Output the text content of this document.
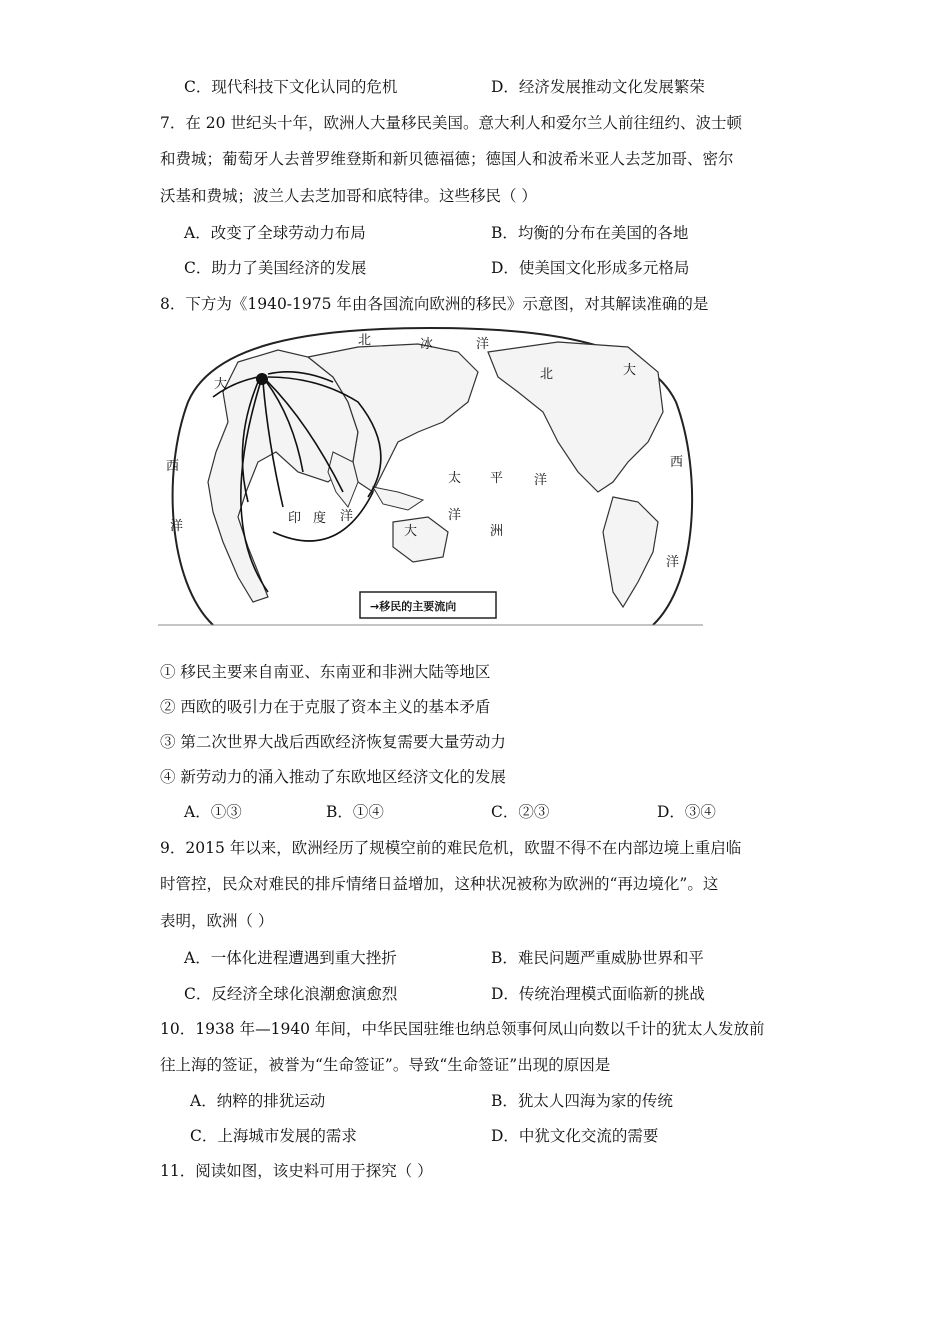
C．现代科技下文化认同的危机	D．经济发展推动文化发展繁荣
7．在 20 世纪头十年，欧洲人大量移民美国。意大利人和爱尔兰人前往纽约、波士顿
和费城；葡萄牙人去普罗维登斯和新贝德福德；德国人和波希米亚人去芝加哥、密尔
沃基和费城；波兰人去芝加哥和底特律。这些移民（ ）
A．改变了全球劳动力布局	B．均衡的分布在美国的各地
C．助力了美国经济的发展	D．使美国文化形成多元格局
8．下方为《1940-1975 年由各国流向欧洲的移民》示意图，对其解读准确的是
北	冰	洋
大
西
洋
印 度 洋
太 平 洋
大
洋
洲
北	大
西
洋
→移民的主要流向
① 移民主要来自南亚、东南亚和非洲大陆等地区
② 西欧的吸引力在于克服了资本主义的基本矛盾
③ 第二次世界大战后西欧经济恢复需要大量劳动力
④ 新劳动力的涌入推动了东欧地区经济文化的发展
A．①③	B．①④	C．②③	D．③④
9．2015 年以来，欧洲经历了规模空前的难民危机，欧盟不得不在内部边境上重启临
时管控，民众对难民的排斥情绪日益增加，这种状况被称为欧洲的“再边境化”。这
表明，欧洲（ ）
A．一体化进程遭遇到重大挫折	B．难民问题严重威胁世界和平
C．反经济全球化浪潮愈演愈烈	D．传统治理模式面临新的挑战
10．1938 年—1940 年间，中华民国驻维也纳总领事何凤山向数以千计的犹太人发放前
往上海的签证，被誉为“生命签证”。导致“生命签证”出现的原因是
A．纳粹的排犹运动	B．犹太人四海为家的传统
C．上海城市发展的需求	D．中犹文化交流的需要
11．阅读如图，该史料可用于探究（ ）
